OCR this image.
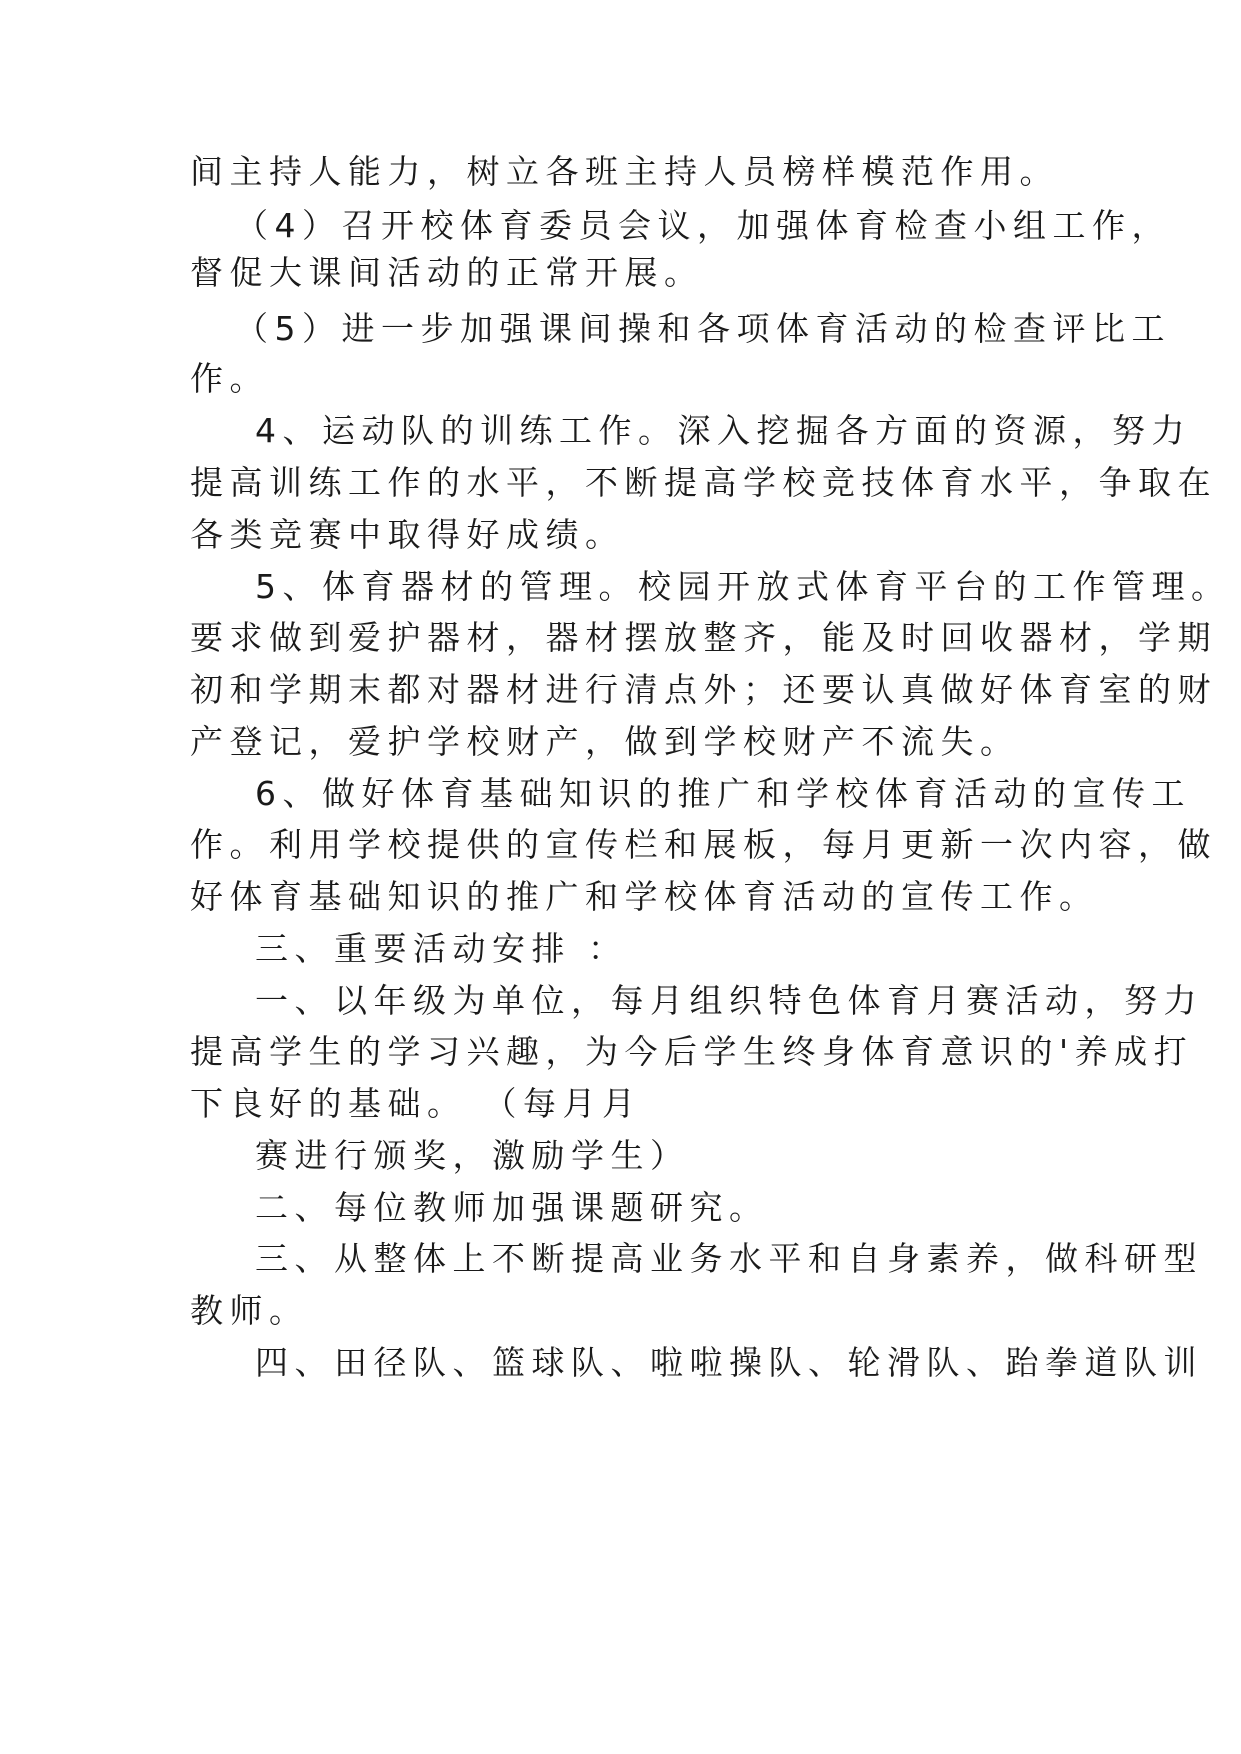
间主持人能力，树立各班主持人员榜样模范作用。
（4）召开校体育委员会议，加强体育检查小组工作，
督促大课间活动的正常开展。
（5）进一步加强课间操和各项体育活动的检查评比工
作。
4、运动队的训练工作。深入挖掘各方面的资源，努力
提高训练工作的水平，不断提高学校竞技体育水平，争取在
各类竞赛中取得好成绩。
5、体育器材的管理。校园开放式体育平台的工作管理。
要求做到爱护器材，器材摆放整齐，能及时回收器材，学期
初和学期末都对器材进行清点外；还要认真做好体育室的财
产登记，爱护学校财产，做到学校财产不流失。
6、做好体育基础知识的推广和学校体育活动的宣传工
作。利用学校提供的宣传栏和展板，每月更新一次内容，做
好体育基础知识的推广和学校体育活动的宣传工作。
三、重要活动安排 ：
一、以年级为单位，每月组织特色体育月赛活动，努力
提高学生的学习兴趣，为今后学生终身体育意识的'养成打
下良好的基础。 （每月月
赛进行颁奖，激励学生）
二、每位教师加强课题研究。
三、从整体上不断提高业务水平和自身素养，做科研型
教师。
四、田径队、篮球队、啦啦操队、轮滑队、跆拳道队训
